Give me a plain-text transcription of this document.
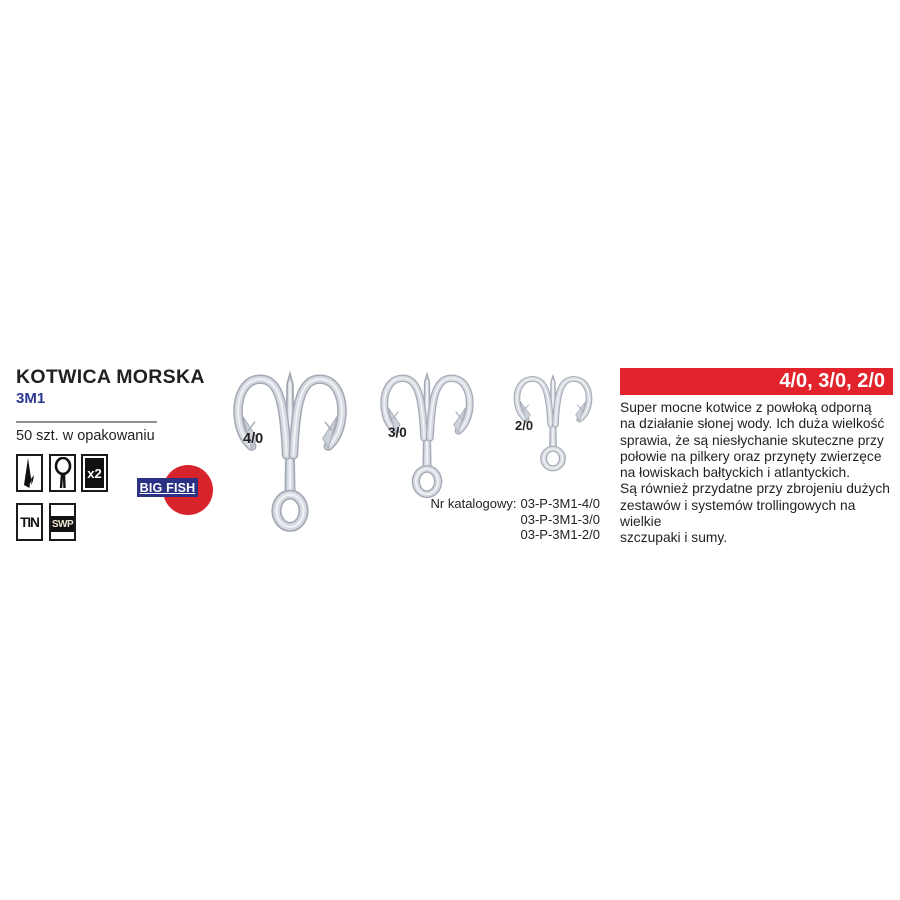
KOTWICA MORSKA
3M1
50 szt. w opakowaniu
x2
BIG FISH
TIN	SWP
4/0	3/0	2/0
Nr katalogowy: 03-P-3M1-4/0
03-P-3M1-3/0
03-P-3M1-2/0
4/0, 3/0, 2/0
Super mocne kotwice z powłoką odporną
na działanie słonej wody. Ich duża wielkość
sprawia, że są niesłychanie skuteczne przy
połowie na pilkery oraz przynęty zwierzęce
na łowiskach bałtyckich i atlantyckich.
Są również przydatne przy zbrojeniu dużych
zestawów i systemów trollingowych na wielkie
szczupaki i sumy.
